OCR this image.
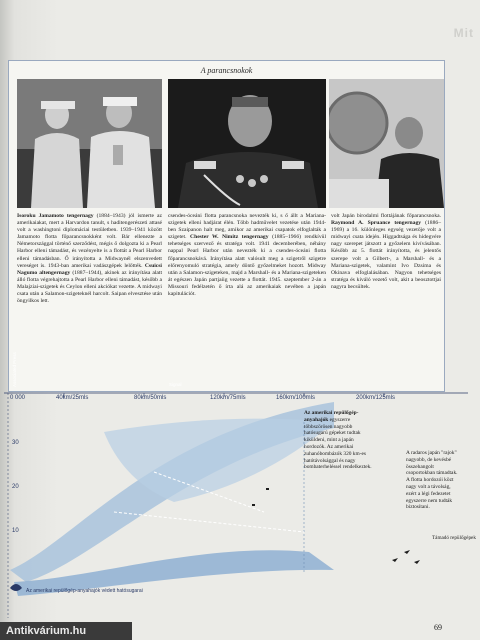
Mit
A parancsnokok
Associated Press	Signal

Isoroku Jamamoto tengernagy (1884–1943) jól ismerte az amerikaiakat, mert a Harvardon tanult, s haditengerészeti attasé volt a washingtoni diplomáciai testületben. 1939–1941 között Jamamoto flotta főparancsnokként volt. Bár ellenezte a Németországgal történő szerződést, mégis ő dolgozta ki a Pearl Harbor elleni támadást, és vezényelte is a flottát a Pearl Harbor elleni támadásban. Ő irányította a Midwaynél elszenvedett vereséget is. 1943-ban amerikai vadászgépek lelőtték. Csuicsi Nagumo altengernagy (1887–1944), akinek az irányítása alatt álló flotta végrehajtotta a Pearl Harbor elleni támadást, később a Malajziai-szigetek és Ceylon elleni akciókat vezette. A midwayi csata után a Salamon-szigeteknél harcolt. Saipan elvesztése után öngyilkos lett.

csendes-óceáni flotta parancsnoka nevezték ki, s ő állt a Mariana-szigetek elleni hadjárat élén. Több hadművelet vezetése után 1944-ben Szaipanon halt meg, amikor az amerikai csapatok elfoglalták a szigetet. Chester W. Nimitz tengernagy (1885–1966) rendkívül tehetséges szervező és stratéga volt. 1941 decemberében, néhány nappal Pearl Harbor után nevezték ki a csendes-óceáni flotta főparancsnokává. Irányítása alatt valósult meg a szigetről szigetre előrenyomuló stratégia, amely döntő győzelmeket hozott. Midway után a Salamon-szigeteken, majd a Marshall- és a Mariana-szigeteken át egészen Japán partjaiig vezette a flottát. 1945. szeptember 2-án a Missouri fedélzetén ő írta alá az amerikaiak nevében a japán kapitulációt.

volt Japán birodalmi flottájának főparancsnoka. Raymond A. Spruance tengernagy (1886–1969) a 16. különleges egység vezetője volt a midwayi csata idején. Higgadtsága és hidegvére nagy szerepet játszott a győzelem kivívásában. Később az 5. flottát irányította, és jelentős szerepe volt a Gilbert-, a Marshall- és a Mariana-szigetek, valamint Ivo Dzsima és Okinava elfoglalásában. Nagyon tehetséges stratéga és kiváló vezető volt, akit a beosztottjai nagyra becsültek.

40km/25mls	80km/50mls	120km/75mls	160km/100mls	200km/125mls
0 000
30
20
10
Az amerikai repülőgép-anyahajók egyszerre többszörösen nagyobb hatósugarú gépeket tudtak kiküldeni, mint a japán hordozók. Az amerikai zuhanóbombázók 320 km-es hatótávolsággal és nagy bombaterheléssel rendelkeztek.
A radaros japán "rajok" nagyobb, de kevésbé összehangolt csoportokban támadtak. A flotta hordozói közt nagy volt a távolság, ezért a légi fedezetet egyszerre nem tudták biztosítani.
Támadó repülőgépek
Az amerikai repülőgép-anyahajók védett hatósugarai
69
Antikvárium.hu
